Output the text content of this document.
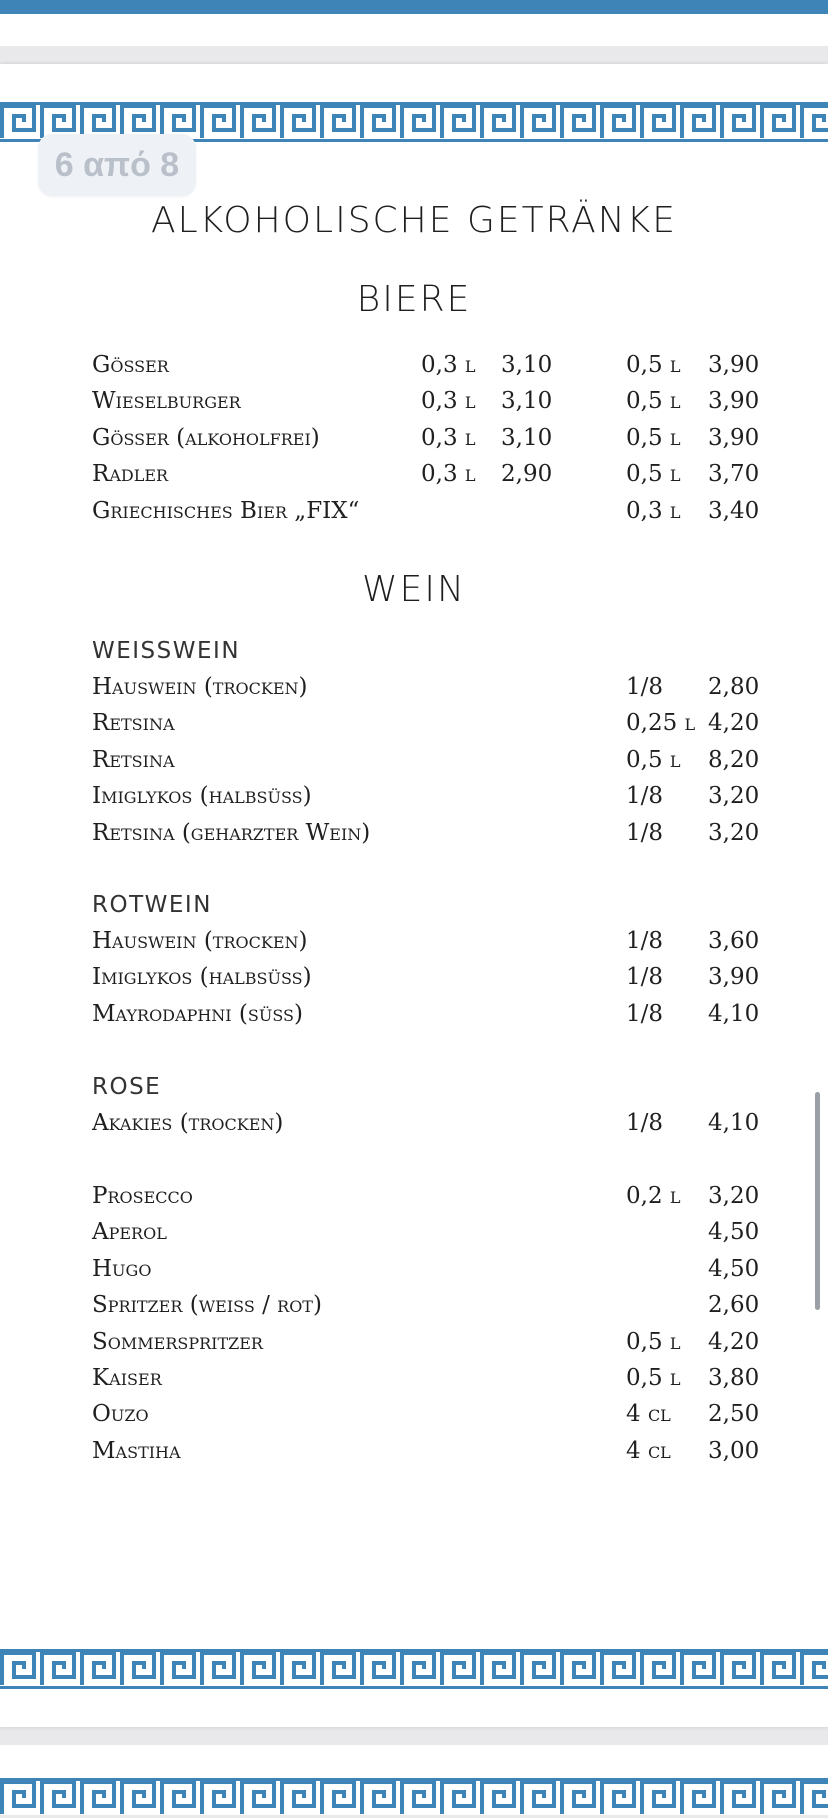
6 από 8
ALKOHOLISCHE GETRÄNKE
BIERE
Gösser	0,3 l 3,10	0,5 l 3,90
Wieselburger	0,3 l 3,10	0,5 l 3,90
Gösser (alkoholfrei)	0,3 l 3,10	0,5 l 3,90
Radler	0,3 l 2,90	0,5 l 3,70
Griechisches Bier „FIX“	0,3 l 3,40
WEIN
WEISSWEIN
Hauswein (trocken)	1/8 2,80
Retsina	0,25 l 4,20
Retsina	0,5 l 8,20
Imiglykos (halbsüss)	1/8 3,20
Retsina (geharzter Wein)	1/8 3,20
ROTWEIN
Hauswein (trocken)	1/8 3,60
Imiglykos (halbsüss)	1/8 3,90
Mayrodaphni (süss)	1/8 4,10
ROSE
Akakies (trocken)	1/8 4,10
Prosecco	0,2 l 3,20
Aperol	4,50
Hugo	4,50
Spritzer (weiss / rot)	2,60
Sommerspritzer	0,5 l 4,20
Kaiser	0,5 l 3,80
Ouzo	4 cl 2,50
Mastiha	4 cl 3,00
